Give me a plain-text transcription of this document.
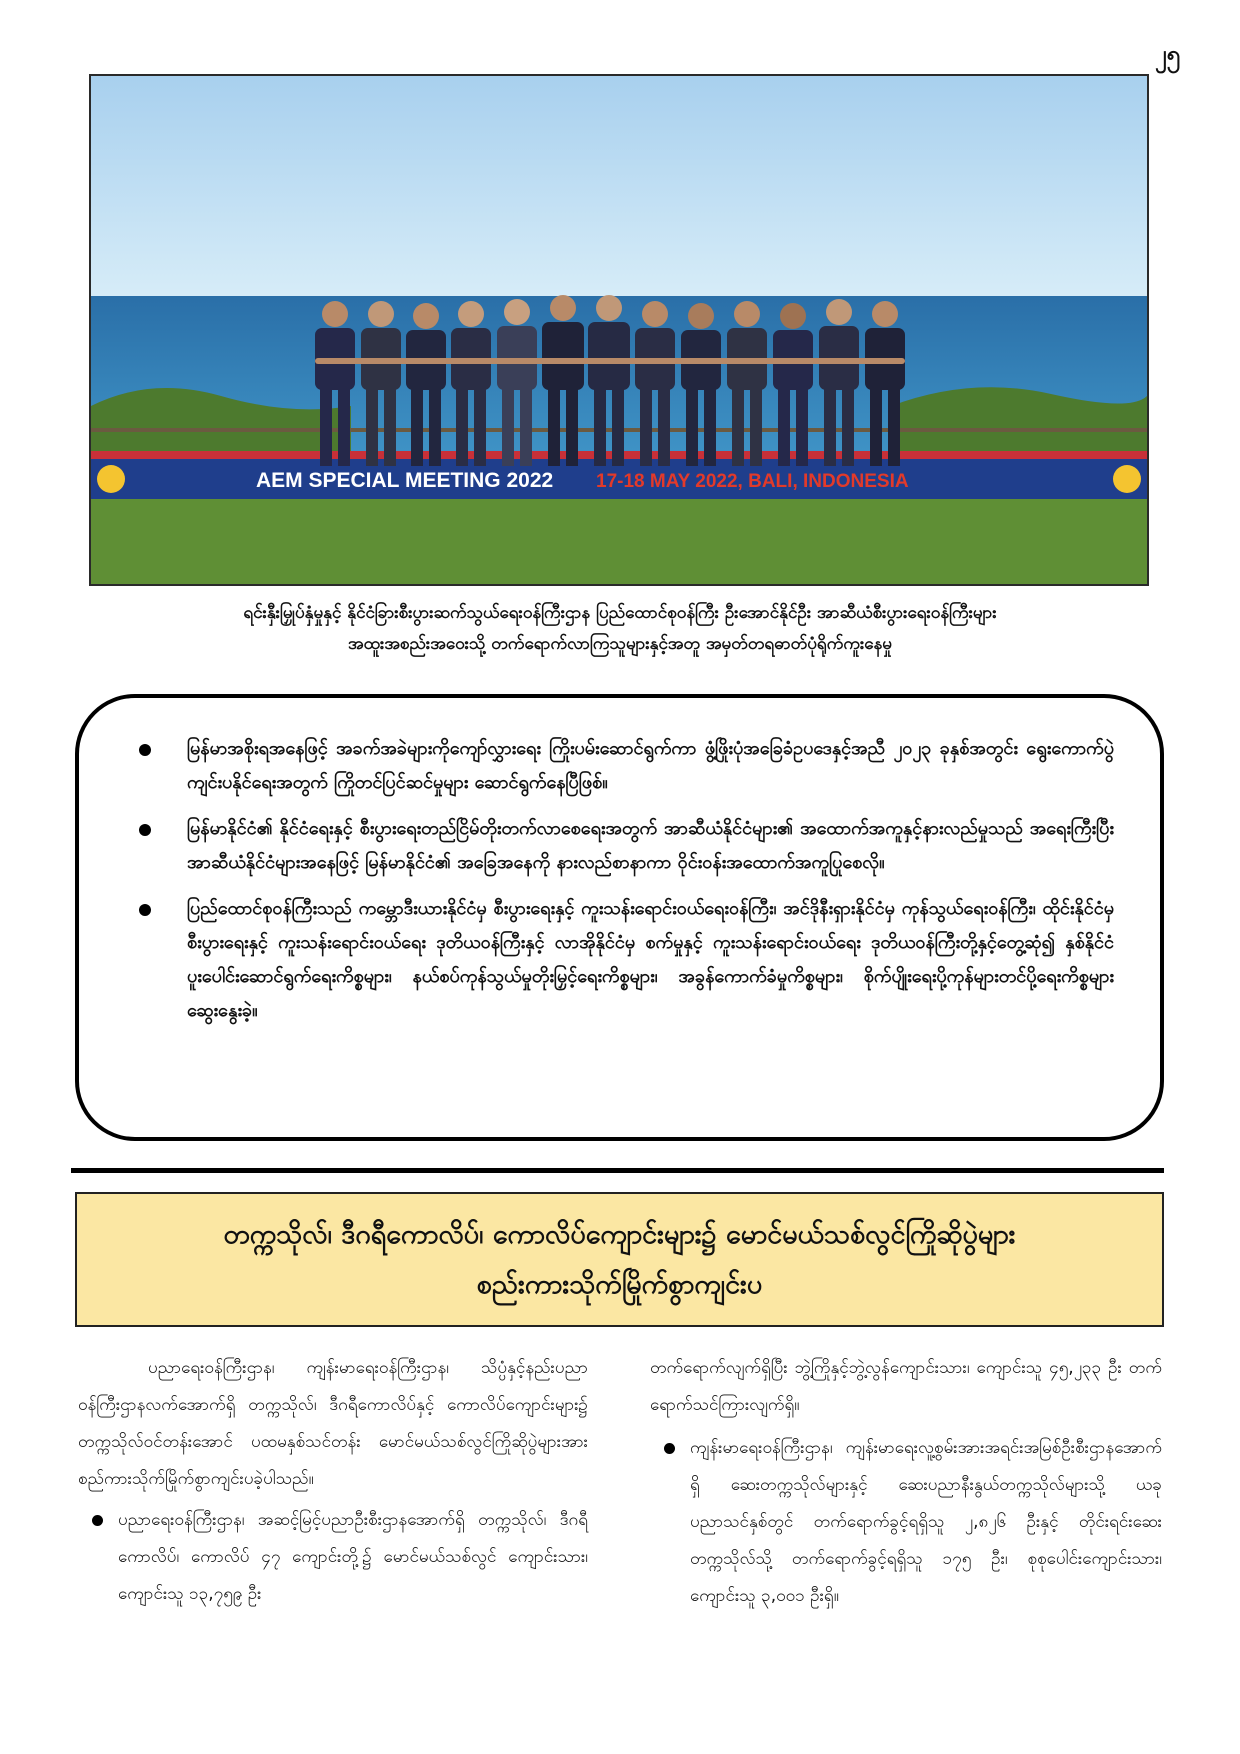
၂၅
AEM SPECIAL MEETING 2022 17-18 MAY 2022, BALI, INDONESIA
ရင်းနှီးမြှုပ်နှံမှုနှင့် နိုင်ငံခြားစီးပွားဆက်သွယ်ရေးဝန်ကြီးဌာန ပြည်ထောင်စုဝန်ကြီး ဦးအောင်နိုင်ဦး အာဆီယံစီးပွားရေးဝန်ကြီးများ
အထူးအစည်းအဝေးသို့ တက်ရောက်လာကြသူများနှင့်အတူ အမှတ်တရဓာတ်ပုံရိုက်ကူးနေမှု
မြန်မာအစိုးရအနေဖြင့် အခက်အခဲများကိုကျော်လွှားရေး ကြိုးပမ်းဆောင်ရွက်ကာ ဖွံ့ဖြိုးပုံအခြေခံဥပဒေနှင့်အညီ ၂၀၂၃ ခုနှစ်အတွင်း ရွေးကောက်ပွဲကျင်းပနိုင်ရေးအတွက် ကြိုတင်ပြင်ဆင်မှုများ ဆောင်ရွက်နေပြီဖြစ်။
မြန်မာနိုင်ငံ၏ နိုင်ငံရေးနှင့် စီးပွားရေးတည်ငြိမ်တိုးတက်လာစေရေးအတွက် အာဆီယံနိုင်ငံများ၏ အထောက်အကူနှင့်နားလည်မှုသည် အရေးကြီးပြီး အာဆီယံနိုင်ငံများအနေဖြင့် မြန်မာနိုင်ငံ၏ အခြေအနေကို နားလည်စာနာကာ ဝိုင်းဝန်းအထောက်အကူပြုစေလို။
ပြည်ထောင်စုဝန်ကြီးသည် ကမ္ဘောဒီးယားနိုင်ငံမှ စီးပွားရေးနှင့် ကူးသန်းရောင်းဝယ်ရေးဝန်ကြီး၊ အင်ဒိုနီးရှားနိုင်ငံမှ ကုန်သွယ်ရေးဝန်ကြီး၊ ထိုင်းနိုင်ငံမှ စီးပွားရေးနှင့် ကူးသန်းရောင်းဝယ်ရေး ဒုတိယဝန်ကြီးနှင့် လာအိုနိုင်ငံမှ စက်မှုနှင့် ကူးသန်းရောင်းဝယ်ရေး ဒုတိယဝန်ကြီးတို့နှင့်တွေ့ဆုံ၍ နှစ်နိုင်ငံပူးပေါင်းဆောင်ရွက်ရေးကိစ္စများ၊ နယ်စပ်ကုန်သွယ်မှုတိုးမြှင့်ရေးကိစ္စများ၊ အခွန်ကောက်ခံမှုကိစ္စများ၊ စိုက်ပျိုးရေးပို့ကုန်များတင်ပို့ရေးကိစ္စများ ဆွေးနွေးခဲ့။
တက္ကသိုလ်၊ ဒီဂရီကောလိပ်၊ ကောလိပ်ကျောင်းများ၌ မောင်မယ်သစ်လွင်ကြိုဆိုပွဲများ
စည်းကားသိုက်မြိုက်စွာကျင်းပ

ပညာရေးဝန်ကြီးဌာန၊ ကျန်းမာရေးဝန်ကြီးဌာန၊ သိပ္ပံနှင့်နည်းပညာဝန်ကြီးဌာနလက်အောက်ရှိ တက္ကသိုလ်၊ ဒီဂရီကောလိပ်နှင့် ကောလိပ်ကျောင်းများ၌ တက္ကသိုလ်ဝင်တန်းအောင် ပထမနှစ်သင်တန်း မောင်မယ်သစ်လွင်ကြိုဆိုပွဲများအား စည်ကားသိုက်မြိုက်စွာကျင်းပခဲ့ပါသည်။

ပညာရေးဝန်ကြီးဌာန၊ အဆင့်မြင့်ပညာဦးစီးဌာနအောက်ရှိ တက္ကသိုလ်၊ ဒီဂရီကောလိပ်၊ ကောလိပ် ၄၇ ကျောင်းတို့၌ မောင်မယ်သစ်လွင် ကျောင်းသား၊ ကျောင်းသူ ၁၃,၇၅၉ ဦး

တက်ရောက်လျက်ရှိပြီး ဘွဲ့ကြိုနှင့်ဘွဲ့လွန်ကျောင်းသား၊ ကျောင်းသူ ၄၅,၂၃၃ ဦး တက်ရောက်သင်ကြားလျက်ရှိ။

ကျန်းမာရေးဝန်ကြီးဌာန၊ ကျန်းမာရေးလူ့စွမ်းအားအရင်းအမြစ်ဦးစီးဌာနအောက် ရှိ ဆေးတက္ကသိုလ်များနှင့် ဆေးပညာနီးနွယ်တက္ကသိုလ်များသို့ ယခုပညာသင်နှစ်တွင် တက်ရောက်ခွင့်ရရှိသူ ၂,၈၂၆ ဦးနှင့် တိုင်းရင်းဆေးတက္ကသိုလ်သို့ တက်ရောက်ခွင့်ရရှိသူ ၁၇၅ ဦး၊ စုစုပေါင်းကျောင်းသား၊ ကျောင်းသူ ၃,၀၀၁ ဦးရှိ။
